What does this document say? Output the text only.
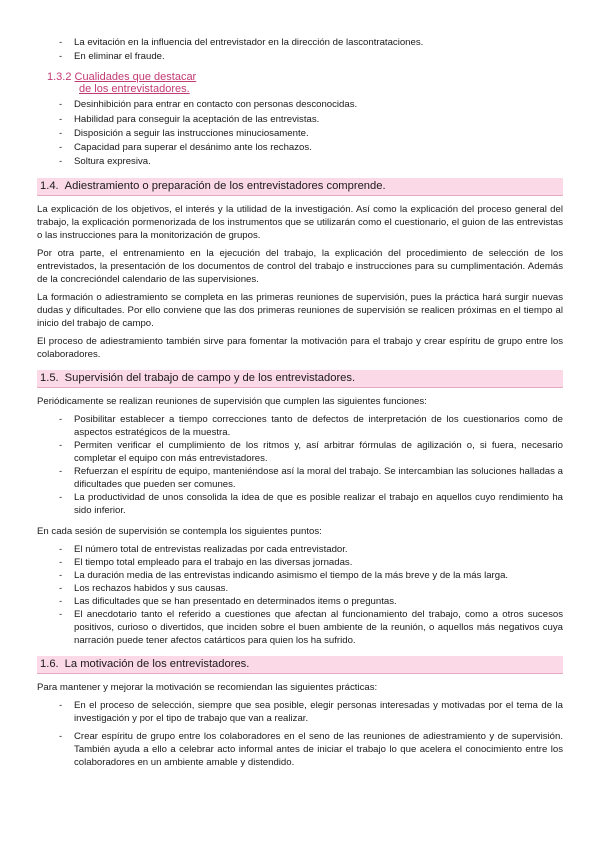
- La evitación en la influencia del entrevistador en la dirección de lascontrataciones.
- En eliminar el fraude.
1.3.2 Cualidades que destacar
de los entrevistadores.
- Desinhibición para entrar en contacto con personas desconocidas.
- Habilidad para conseguir la aceptación de las entrevistas.
- Disposición a seguir las instrucciones minuciosamente.
- Capacidad para superar el desánimo ante los rechazos.
- Soltura expresiva.
1.4. Adiestramiento o preparación de los entrevistadores comprende.

La explicación de los objetivos, el interés y la utilidad de la investigación. Así como la explicación del proceso general del trabajo, la explicación pormenorizada de los instrumentos que se utilizarán como el cuestionario, el guion de las entrevistas o las instrucciones para la monitorización de grupos.

Por otra parte, el entrenamiento en la ejecución del trabajo, la explicación del procedimiento de selección de los entrevistados, la presentación de los documentos de control del trabajo e instrucciones para su cumplimentación. Además de la concrecióndel calendario de las supervisiones.

La formación o adiestramiento se completa en las primeras reuniones de supervisión, pues la práctica hará surgir nuevas dudas y dificultades. Por ello conviene que las dos primeras reuniones de supervisión se realicen próximas en el tiempo al inicio del trabajo de campo.

El proceso de adiestramiento también sirve para fomentar la motivación para el trabajo y crear espíritu de grupo entre los colaboradores.

1.5. Supervisión del trabajo de campo y de los entrevistadores.

Periódicamente se realizan reuniones de supervisión que cumplen las siguientes funciones:

- Posibilitar establecer a tiempo correcciones tanto de defectos de interpretación de los cuestionarios como de aspectos estratégicos de la muestra.
- Permiten verificar el cumplimiento de los ritmos y, así arbitrar fórmulas de agilización o, si fuera, necesario completar el equipo con más entrevistadores.
- Refuerzan el espíritu de equipo, manteniéndose así la moral del trabajo. Se intercambian las soluciones halladas a dificultades que pueden ser comunes.
- La productividad de unos consolida la idea de que es posible realizar el trabajo en aquellos cuyo rendimiento ha sido inferior.

En cada sesión de supervisión se contempla los siguientes puntos:

- El número total de entrevistas realizadas por cada entrevistador.
- El tiempo total empleado para el trabajo en las diversas jornadas.
- La duración media de las entrevistas indicando asimismo el tiempo de la más breve y de la más larga.
- Los rechazos habidos y sus causas.
- Las dificultades que se han presentado en determinados items o preguntas.
- El anecdotario tanto el referido a cuestiones que afectan al funcionamiento del trabajo, como a otros sucesos positivos, curioso o divertidos, que inciden sobre el buen ambiente de la reunión, o aquellos más negativos cuya narración puede tener afectos catárticos para quien los ha sufrido.
1.6. La motivación de los entrevistadores.

Para mantener y mejorar la motivación se recomiendan las siguientes prácticas:

- En el proceso de selección, siempre que sea posible, elegir personas interesadas y motivadas por el tema de la investigación y por el tipo de trabajo que van a realizar.
- Crear espíritu de grupo entre los colaboradores en el seno de las reuniones de adiestramiento y de supervisión. También ayuda a ello a celebrar acto informal antes de iniciar el trabajo lo que acelera el conocimiento entre los colaboradores en un ambiente amable y distendido.
